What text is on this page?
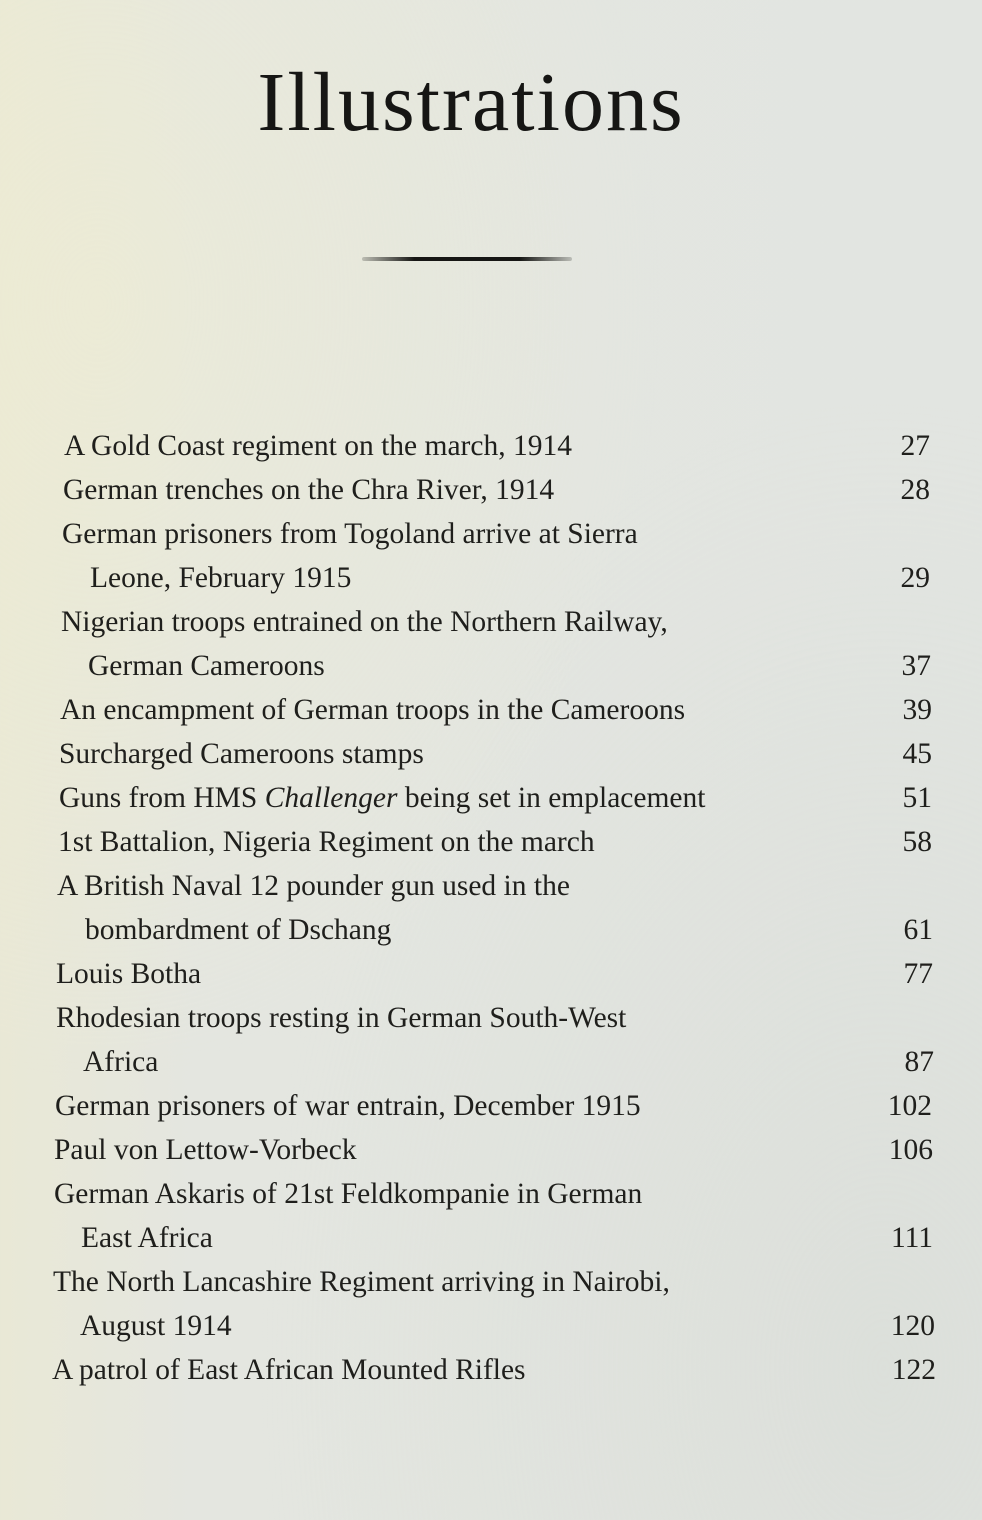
Illustrations
A Gold Coast regiment on the march, 1914	27
German trenches on the Chra River, 1914	28
German prisoners from Togoland arrive at Sierra
Leone, February 1915	29
Nigerian troops entrained on the Northern Railway,
German Cameroons	37
An encampment of German troops in the Cameroons	39
Surcharged Cameroons stamps	45
Guns from HMS Challenger being set in emplacement	51
1st Battalion, Nigeria Regiment on the march	58
A British Naval 12 pounder gun used in the
bombardment of Dschang	61
Louis Botha	77
Rhodesian troops resting in German South-West
Africa	87
German prisoners of war entrain, December 1915	102
Paul von Lettow-Vorbeck	106
German Askaris of 21st Feldkompanie in German
East Africa	111
The North Lancashire Regiment arriving in Nairobi,
August 1914	120
A patrol of East African Mounted Rifles	122
